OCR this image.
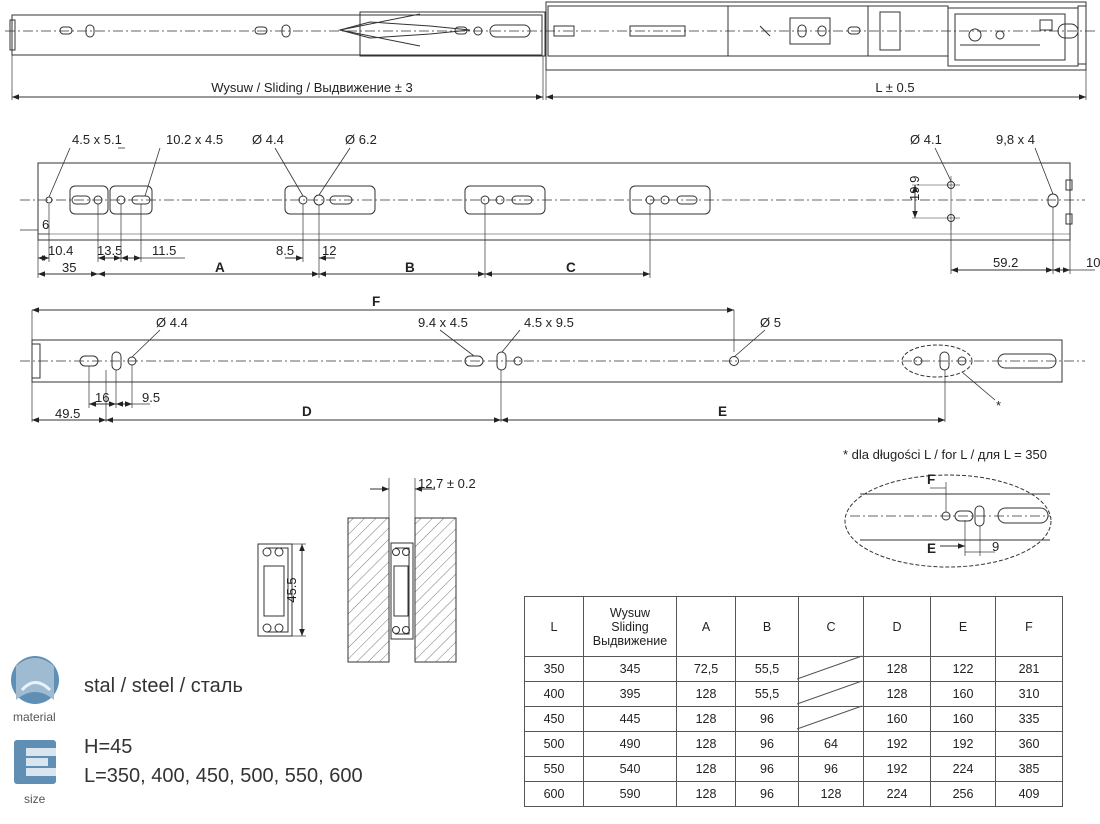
Wysuw / Sliding / Выдвижение ± 3	L ± 0.5
4.5 x 5.1	10.2 x 4.5 Ø 4.4	Ø 6.2	Ø 4.1	9,8 x 4
6
19.9
10.4 13.5 11.5
35
8.5 12
A	B	C	59.2	10
F
Ø 4.4	9.4 x 4.5	4.5 x 9.5	Ø 5
16	9.5
49.5	D	E	*
* dla długości L / for L / для L = 350
F
E	9
12,7 ± 0.2
45.5
material
stal / steel / сталь
size
H=45
L=350, 400, 450, 500, 550, 600
L	Wysuw
Sliding
Выдвижение	A	B	C	D	E	F
350	345	72,5	55,5		128	122	281
400	395	128	55,5		128	160	310
450	445	128	96		160	160	335
500	490	128	96	64	192	192	360
550	540	128	96	96	192	224	385
600	590	128	96	128	224	256	409
